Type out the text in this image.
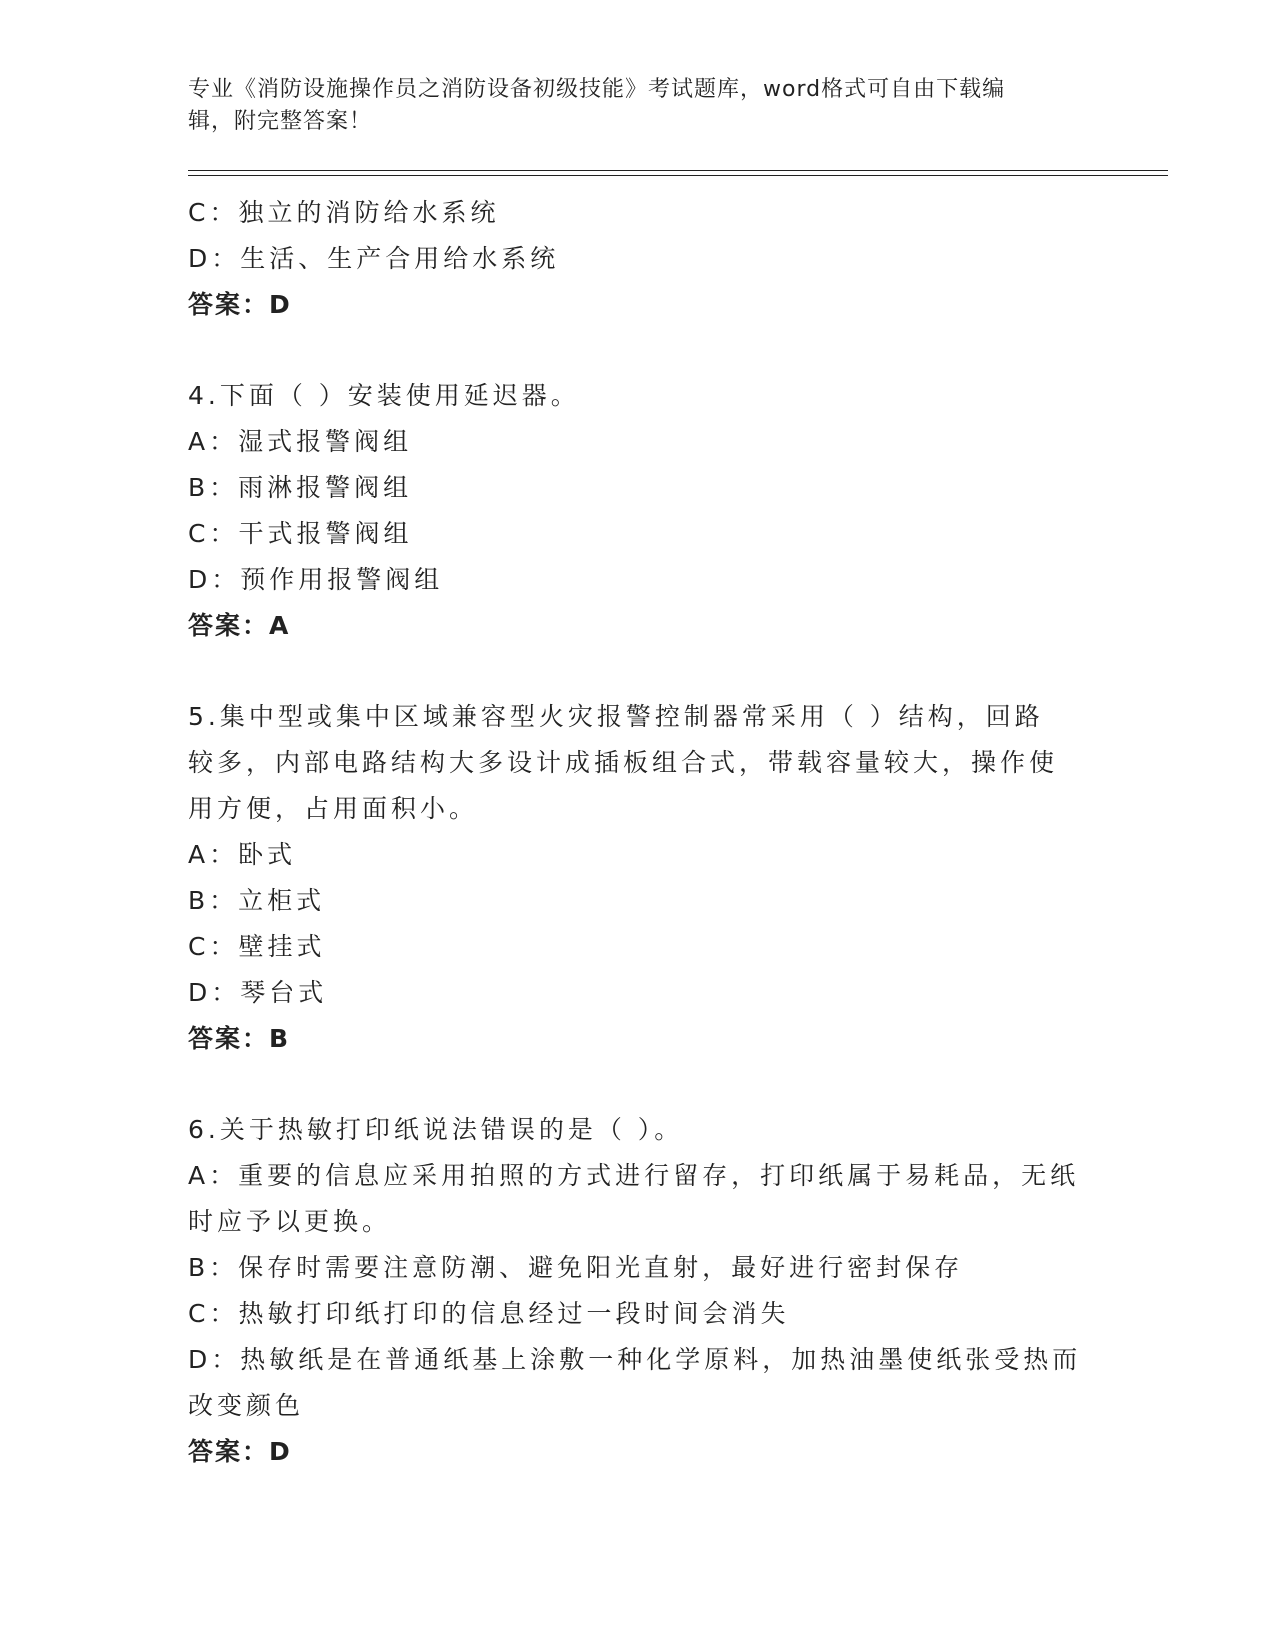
专业《消防设施操作员之消防设备初级技能》考试题库，word格式可自由下载编
辑，附完整答案！
C：独立的消防给水系统
D：生活、生产合用给水系统
答案：D
4.下面（ ）安装使用延迟器。
A：湿式报警阀组
B：雨淋报警阀组
C：干式报警阀组
D：预作用报警阀组
答案：A
5.集中型或集中区域兼容型火灾报警控制器常采用（ ）结构，回路
较多，内部电路结构大多设计成插板组合式，带载容量较大，操作使
用方便，占用面积小。
A：卧式
B：立柜式
C：壁挂式
D：琴台式
答案：B
6.关于热敏打印纸说法错误的是（ ）。
A：重要的信息应采用拍照的方式进行留存，打印纸属于易耗品，无纸
时应予以更换。
B：保存时需要注意防潮、避免阳光直射，最好进行密封保存
C：热敏打印纸打印的信息经过一段时间会消失
D：热敏纸是在普通纸基上涂敷一种化学原料，加热油墨使纸张受热而
改变颜色
答案：D
